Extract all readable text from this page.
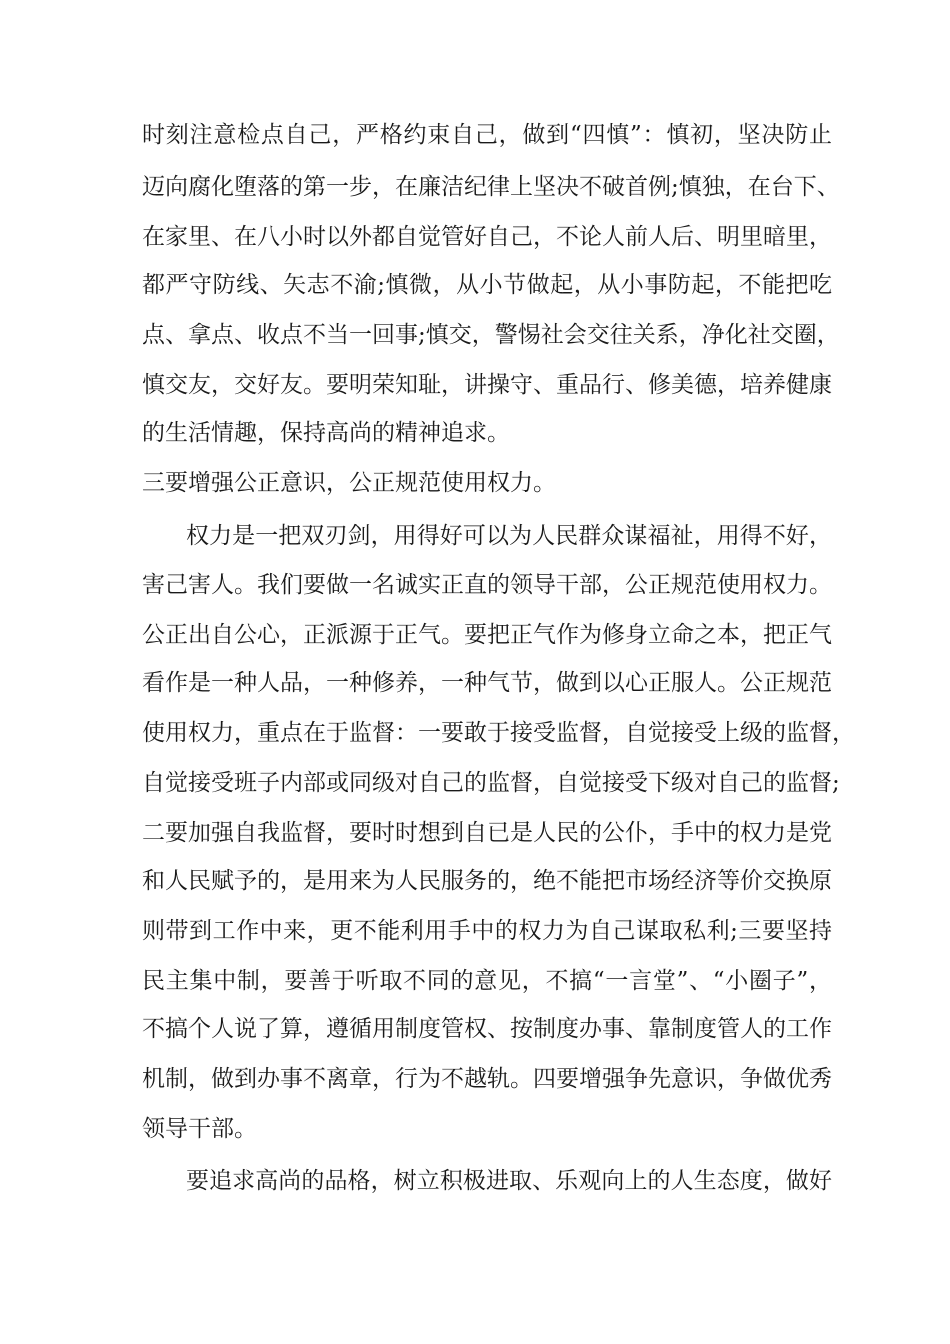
时刻注意检点自己，严格约束自己，做到“四慎”：慎初，坚决防止
迈向腐化堕落的第一步，在廉洁纪律上坚决不破首例;慎独，在台下、
在家里、在八小时以外都自觉管好自己，不论人前人后、明里暗里，
都严守防线、矢志不渝;慎微，从小节做起，从小事防起，不能把吃
点、拿点、收点不当一回事;慎交，警惕社会交往关系，净化社交圈，
慎交友，交好友。要明荣知耻，讲操守、重品行、修美德，培养健康
的生活情趣，保持高尚的精神追求。
三要增强公正意识，公正规范使用权力。
权力是一把双刃剑，用得好可以为人民群众谋福祉，用得不好，
害己害人。我们要做一名诚实正直的领导干部，公正规范使用权力。
公正出自公心，正派源于正气。要把正气作为修身立命之本，把正气
看作是一种人品，一种修养，一种气节，做到以心正服人。公正规范
使用权力，重点在于监督：一要敢于接受监督，自觉接受上级的监督，
自觉接受班子内部或同级对自己的监督，自觉接受下级对自己的监督;
二要加强自我监督，要时时想到自已是人民的公仆，手中的权力是党
和人民赋予的，是用来为人民服务的，绝不能把市场经济等价交换原
则带到工作中来，更不能利用手中的权力为自己谋取私利;三要坚持
民主集中制，要善于听取不同的意见，不搞“一言堂”、“小圈子”，
不搞个人说了算，遵循用制度管权、按制度办事、靠制度管人的工作
机制，做到办事不离章，行为不越轨。四要增强争先意识，争做优秀
领导干部。
要追求高尚的品格，树立积极进取、乐观向上的人生态度，做好
